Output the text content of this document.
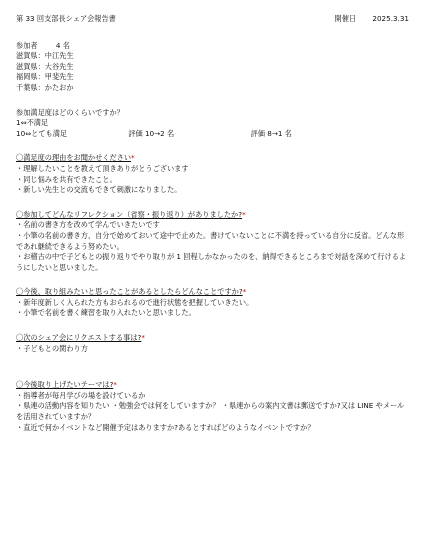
第 33 回支部長シェア会報告書	開催日 2025.3.31
参加者	4 名
滋賀県：中江先生
滋賀県：大谷先生
福岡県：甲斐先生
千葉県：かたおか
参加満足度はどのくらいですか？
1⇔不満足
10⇔とても満足	評価 10→2 名	評価 8→1 名
〇満足度の理由をお聞かせください*
・理解したいことを教えて頂きありがとうございます
・同じ悩みを共有できたこと。
・新しい先生との交流もできて刺激になりました。
〇参加してどんなリフレクション（省察・振り返り）がありましたか?*
・名前の書き方を改めて学んでいきたいです
・小筆の名前の書き方、自分で始めておいて途中で止めた。書けていないことに不満を持っている自分に反省。どんな形であれ継続できるよう努めたい。
・お稽古の中で子どもとの振り返りでやり取りが 1 回程しかなかったのを、納得できるところまで対話を深めて行けるようにしたいと思いました。
〇今後、取り組みたいと思ったことがあるとしたらどんなことですか?*
・新年度新しく入られた方もおられるので進行状態を把握していきたい。
・小筆で名前を書く練習を取り入れたいと思いました。
〇次のシェア会にリクエストする事は?*
・子どもとの関わり方
〇今後取り上げたいテーマは?*
・指導者が毎月学びの場を設けているか
・県連の活動内容を知りたい ・勉強会では何をしていますか？ ・県連からの案内文書は郵送ですか?又は LINE やメールを活用されていますか？
・直近で何かイベントなど開催予定はありますか?あるとすればどのようなイベントですか？
